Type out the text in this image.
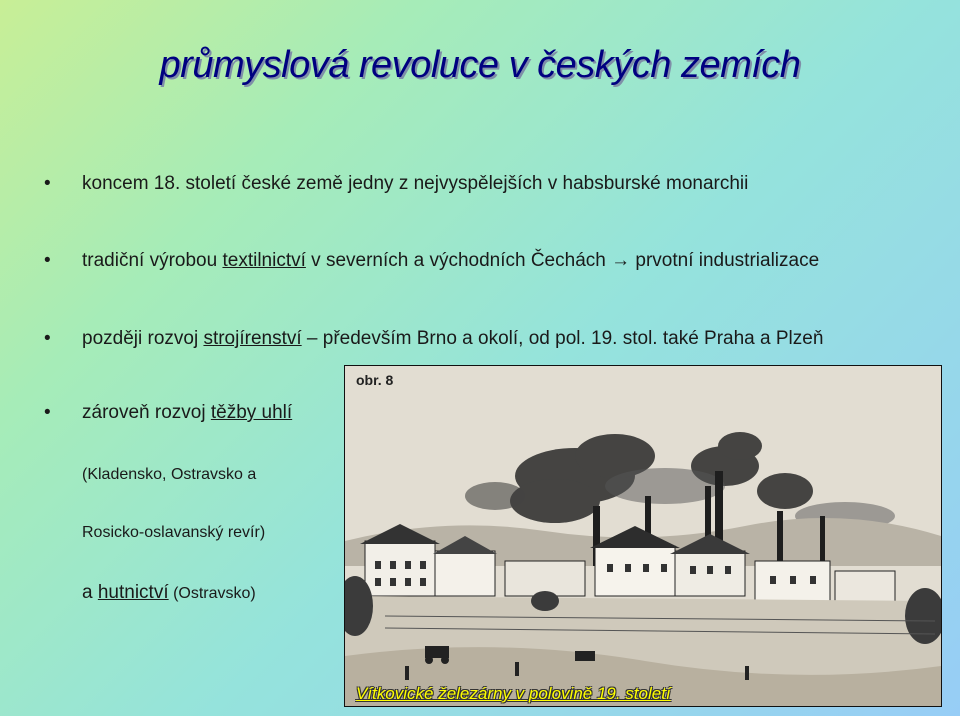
průmyslová revoluce v českých zemích
• koncem 18. století české země jedny z nejvyspělejších v habsburské monarchii
• tradiční výrobou textilnictví v severních a východních Čechách → prvotní industrializace
• později rozvoj strojírenství – především Brno a okolí, od pol. 19. stol. také Praha a Plzeň
• zároveň rozvoj těžby uhlí
(Kladensko, Ostravsko a
Rosicko-oslavanský revír)
a hutnictví (Ostravsko)
obr. 8
Vítkovické železárny v polovině 19. století
